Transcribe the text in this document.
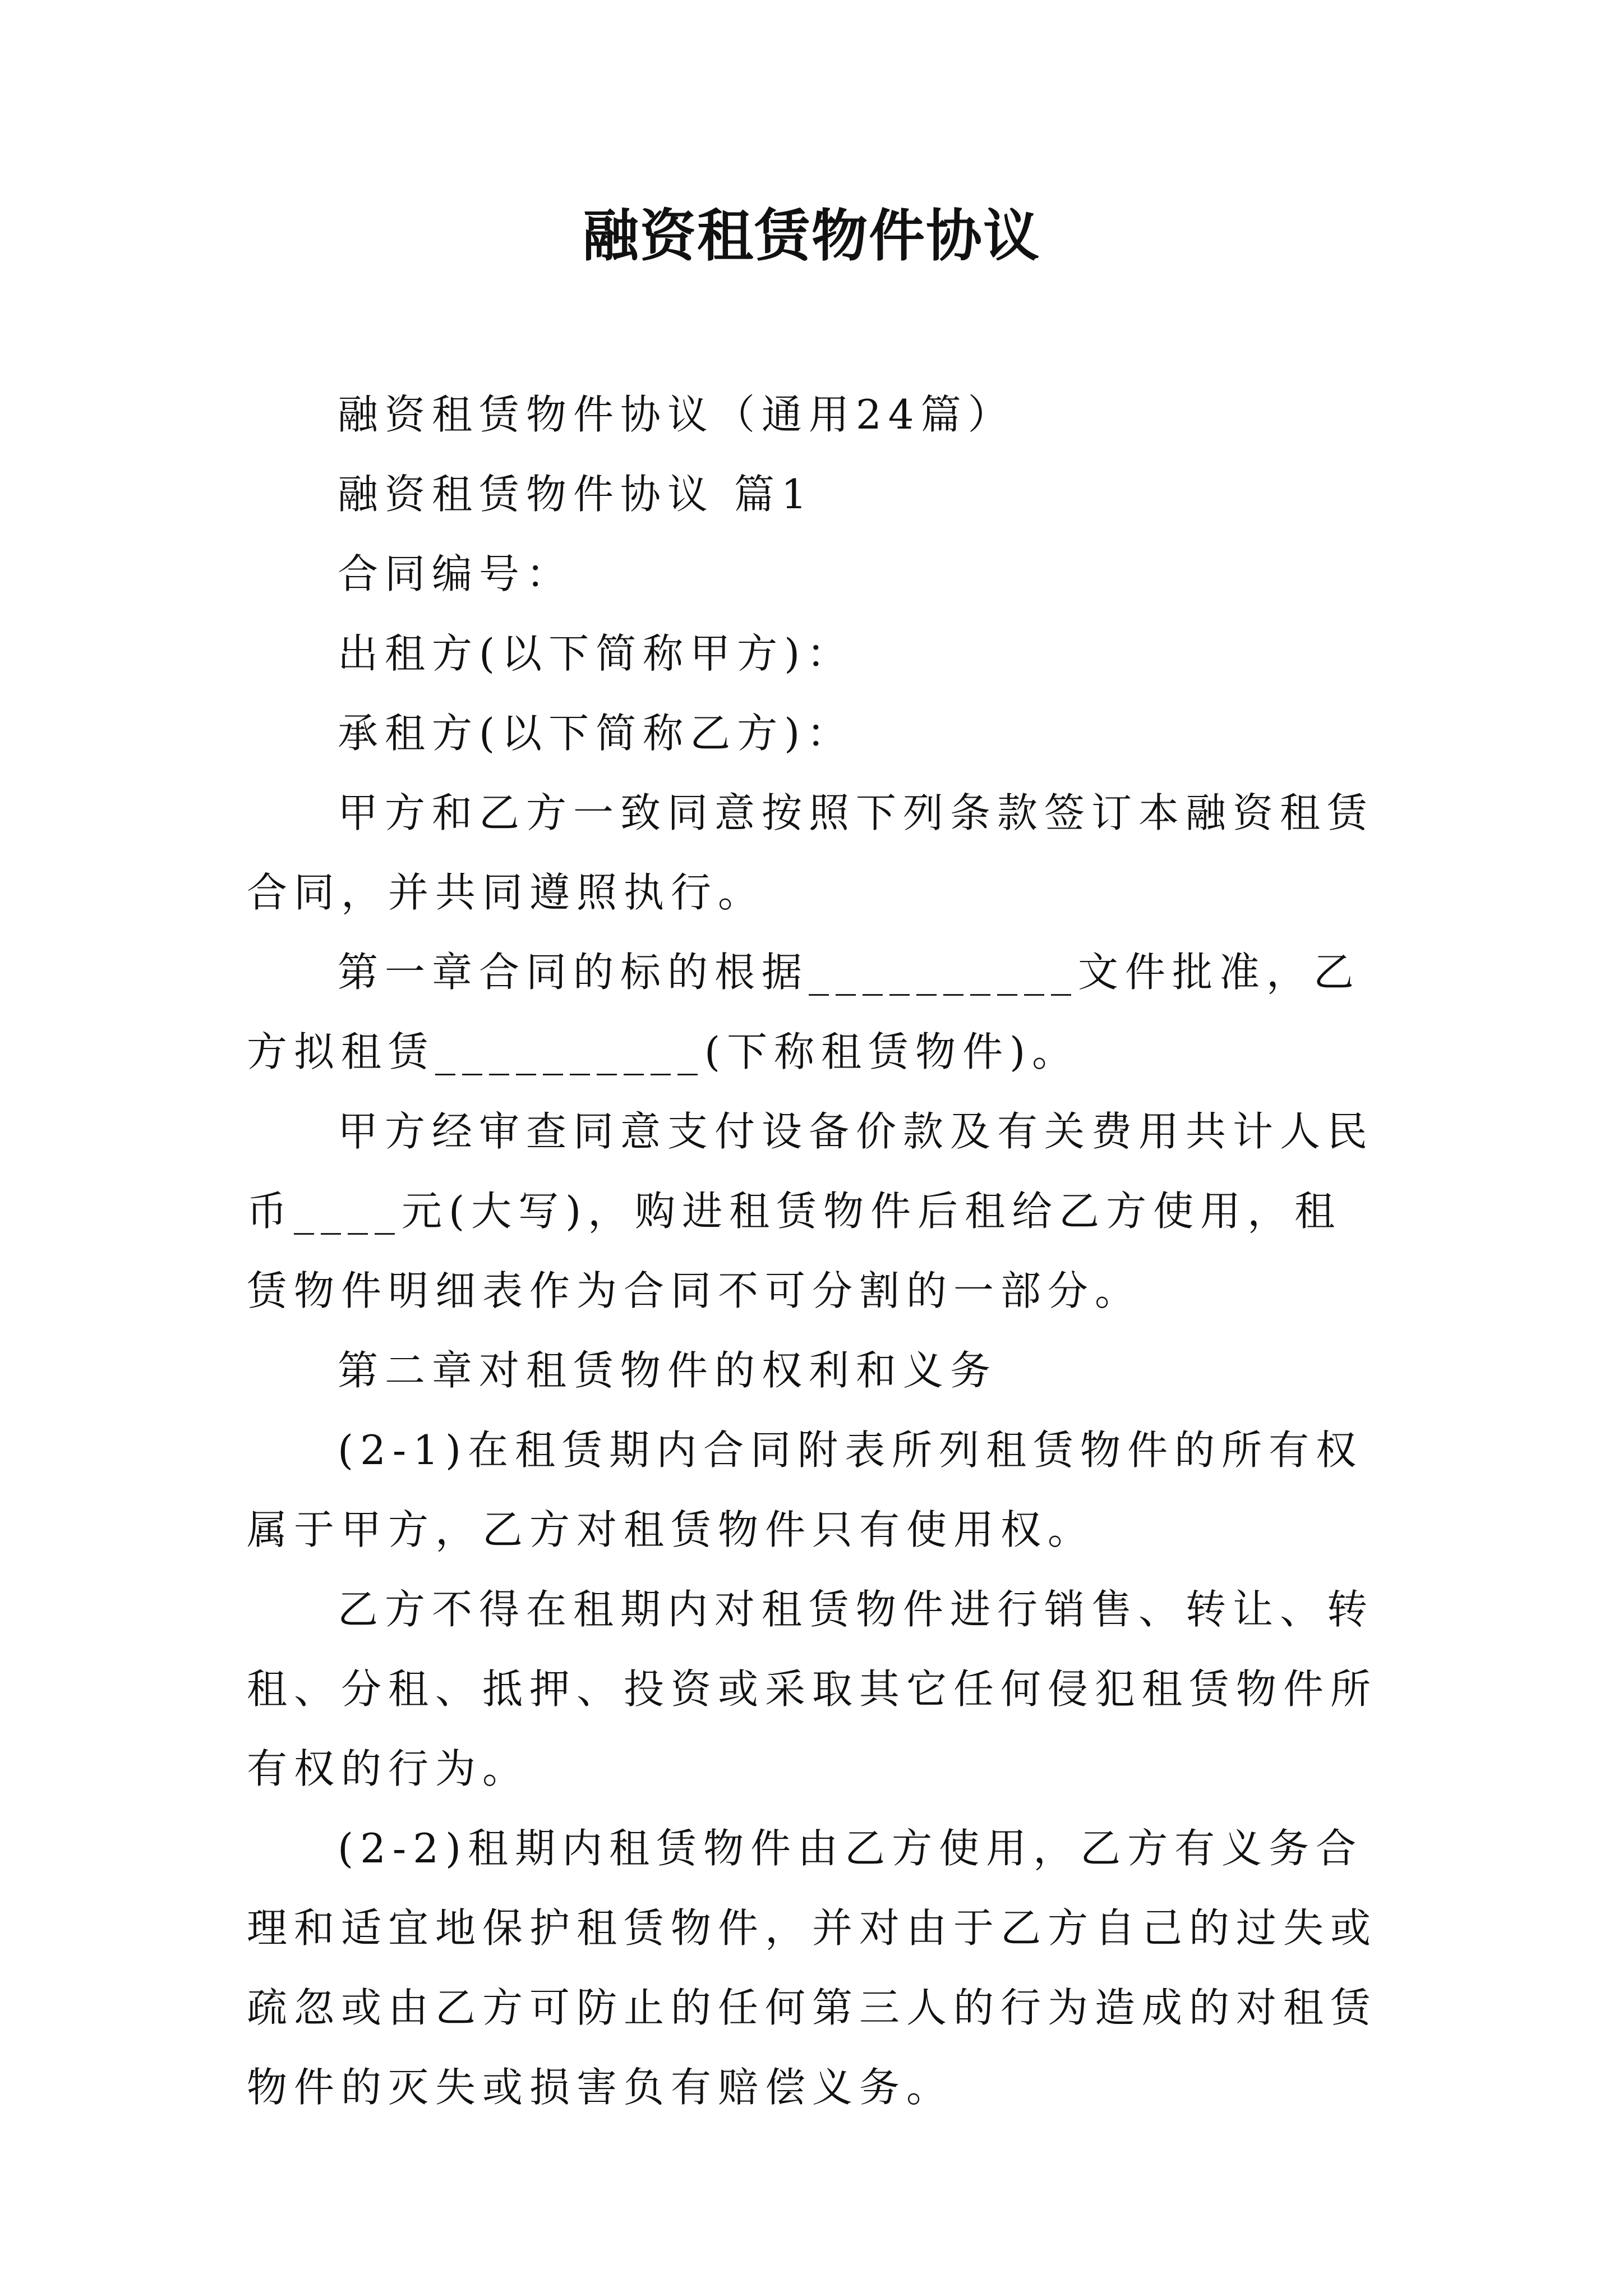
融资租赁物件协议

融资租赁物件协议（通用24篇）

融资租赁物件协议 篇1

合同编号：

出租方(以下简称甲方)：

承租方(以下简称乙方)：

甲方和乙方一致同意按照下列条款签订本融资租赁合同，并共同遵照执行。

第一章合同的标的根据__________文件批准，乙方拟租赁__________(下称租赁物件)。

甲方经审查同意支付设备价款及有关费用共计人民币____元(大写)，购进租赁物件后租给乙方使用，租赁物件明细表作为合同不可分割的一部分。

第二章对租赁物件的权利和义务

(2-1)在租赁期内合同附表所列租赁物件的所有权属于甲方，乙方对租赁物件只有使用权。

乙方不得在租期内对租赁物件进行销售、转让、转租、分租、抵押、投资或采取其它任何侵犯租赁物件所有权的行为。

(2-2)租期内租赁物件由乙方使用，乙方有义务合理和适宜地保护租赁物件，并对由于乙方自己的过失或疏忽或由乙方可防止的任何第三人的行为造成的对租赁物件的灭失或损害负有赔偿义务。
